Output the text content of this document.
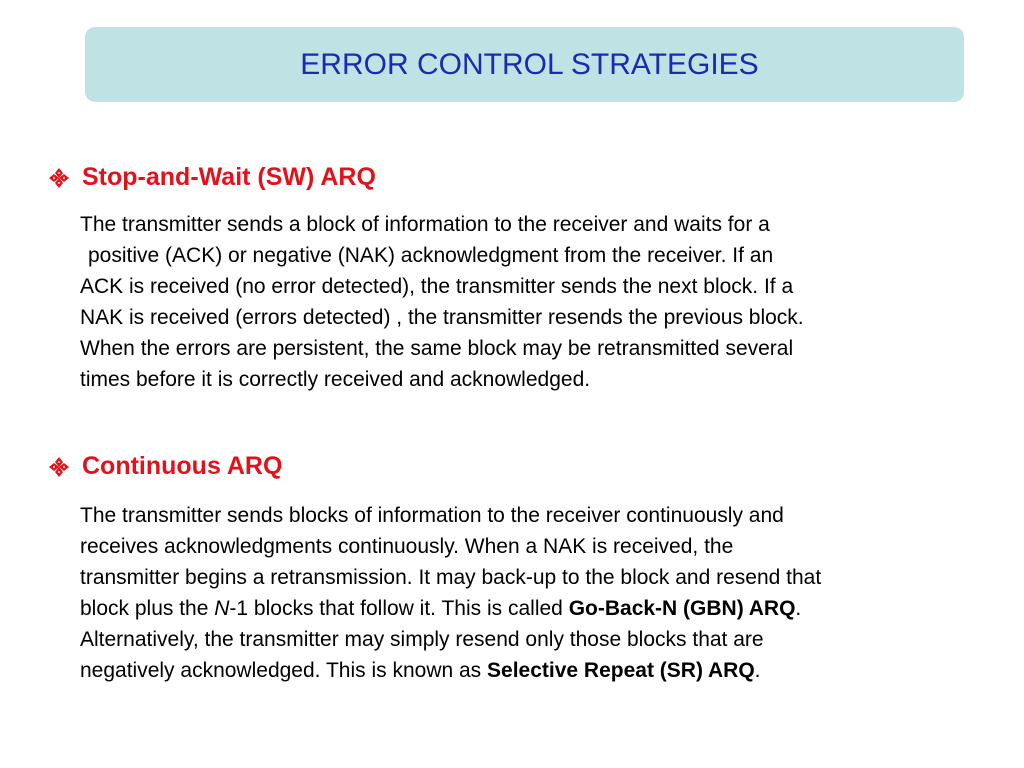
ERROR CONTROL STRATEGIES
Stop-and-Wait (SW) ARQ
The transmitter sends a block of information to the receiver and waits for a
positive (ACK) or negative (NAK) acknowledgment from the receiver. If an
ACK is received (no error detected), the transmitter sends the next block. If a
NAK is received (errors detected) , the transmitter resends the previous block.
When the errors are persistent, the same block may be retransmitted several
times before it is correctly received and acknowledged.
Continuous ARQ
The transmitter sends blocks of information to the receiver continuously and
receives acknowledgments continuously. When a NAK is received, the
transmitter begins a retransmission. It may back-up to the block and resend that
block plus the N-1 blocks that follow it. This is called Go-Back-N (GBN) ARQ.
Alternatively, the transmitter may simply resend only those blocks that are
negatively acknowledged. This is known as Selective Repeat (SR) ARQ.
